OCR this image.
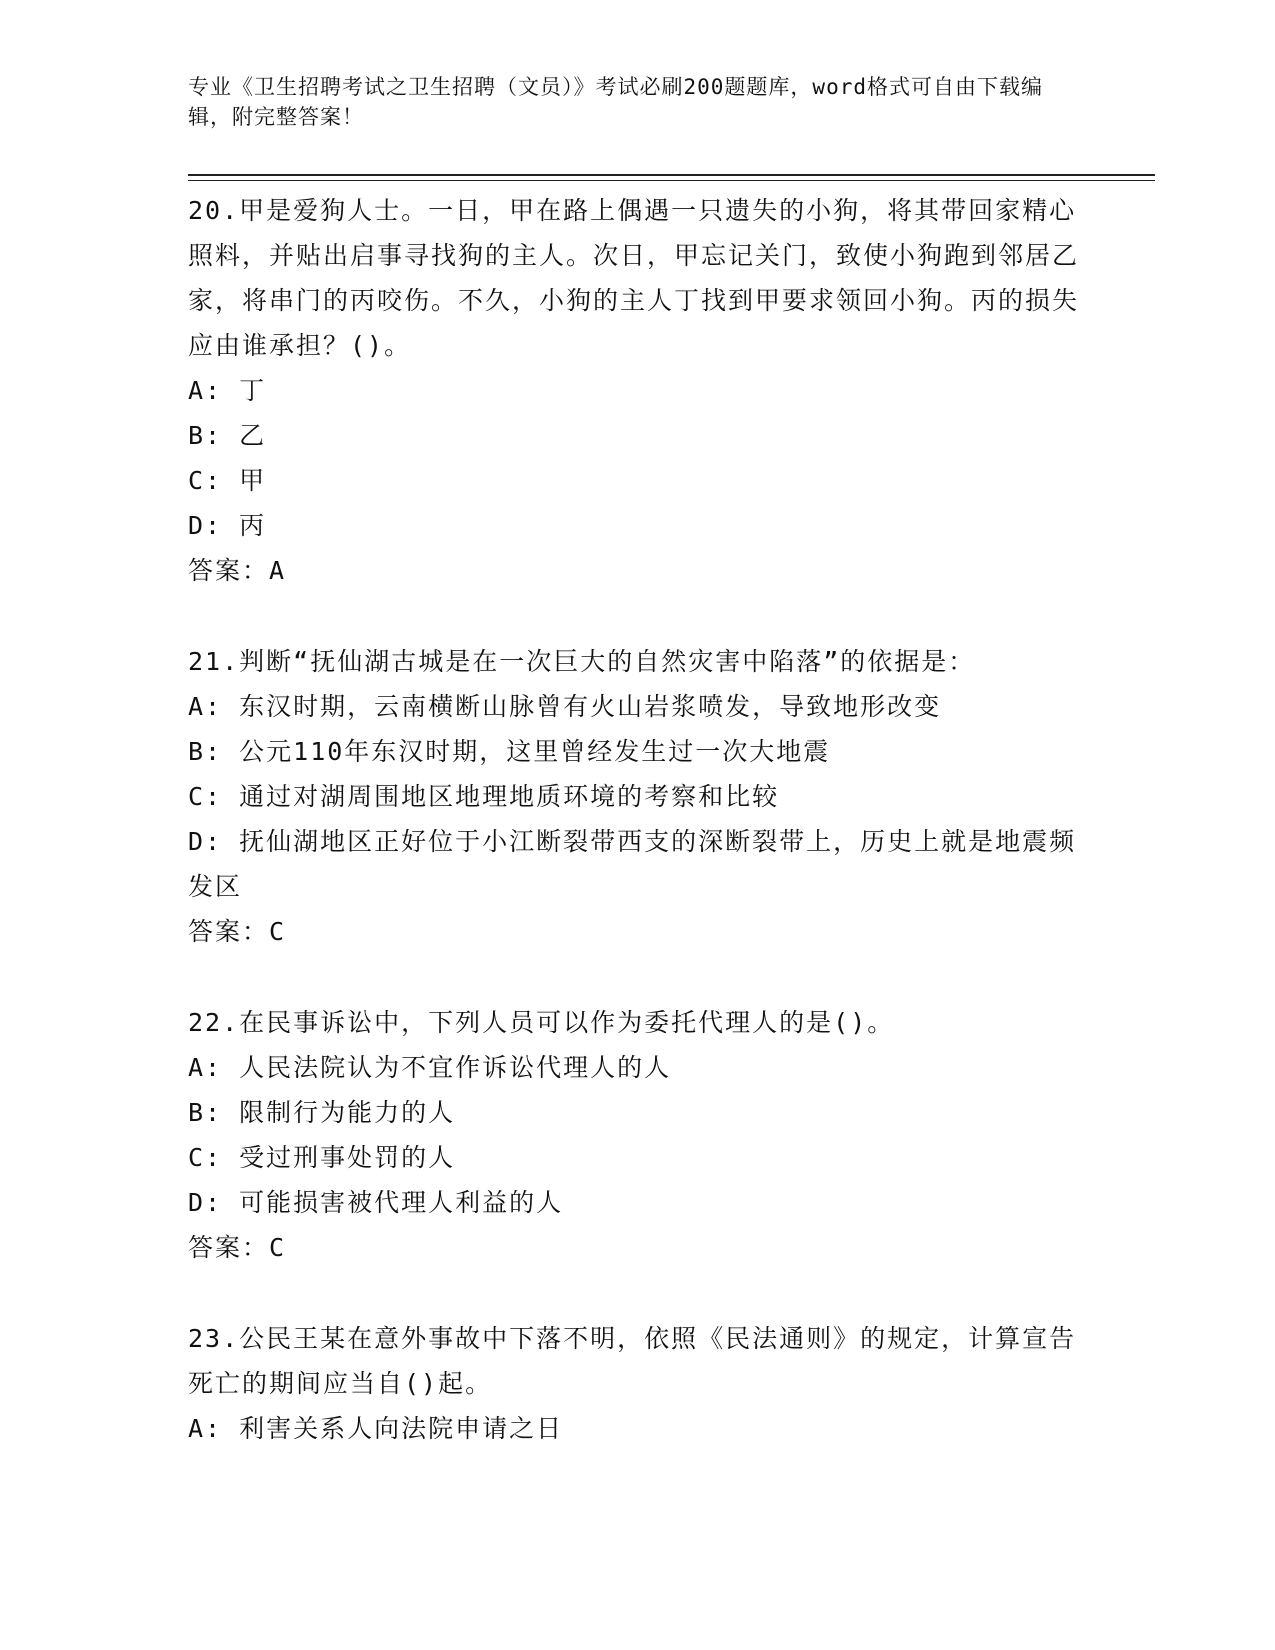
专业《卫生招聘考试之卫生招聘（文员）》考试必刷200题题库，word格式可自由下载编辑，附完整答案！

20.甲是爱狗人士。一日，甲在路上偶遇一只遗失的小狗，将其带回家精心照料，并贴出启事寻找狗的主人。次日，甲忘记关门，致使小狗跑到邻居乙家，将串门的丙咬伤。不久，小狗的主人丁找到甲要求领回小狗。丙的损失应由谁承担？()。

A: 丁

B: 乙

C: 甲

D: 丙

答案：A

21.判断“抚仙湖古城是在一次巨大的自然灾害中陷落”的依据是：

A: 东汉时期，云南横断山脉曾有火山岩浆喷发，导致地形改变

B: 公元110年东汉时期，这里曾经发生过一次大地震

C: 通过对湖周围地区地理地质环境的考察和比较

D: 抚仙湖地区正好位于小江断裂带西支的深断裂带上，历史上就是地震频发区

答案：C

22.在民事诉讼中，下列人员可以作为委托代理人的是()。

A: 人民法院认为不宜作诉讼代理人的人

B: 限制行为能力的人

C: 受过刑事处罚的人

D: 可能损害被代理人利益的人

答案：C

23.公民王某在意外事故中下落不明，依照《民法通则》的规定，计算宣告死亡的期间应当自()起。

A: 利害关系人向法院申请之日
